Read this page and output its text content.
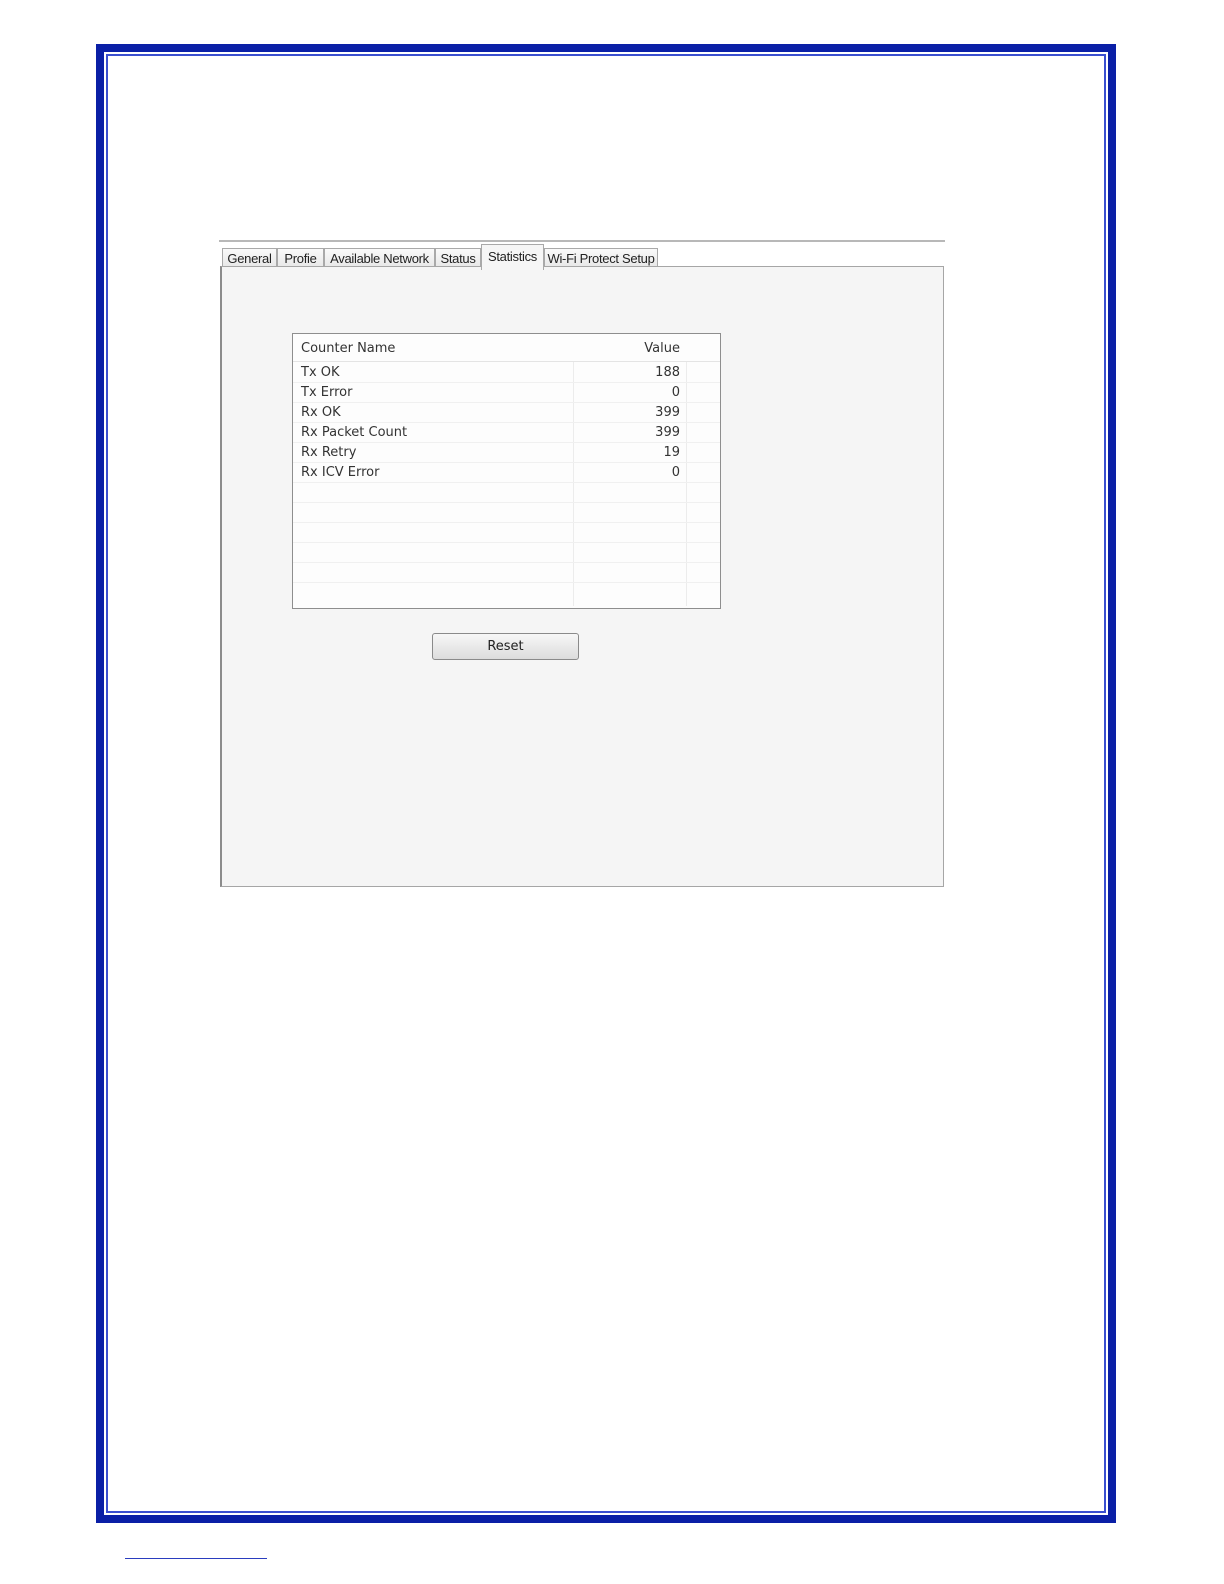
General Profie	Available Network Status Statistics Wi-Fi Protect Setup
Counter Name	Value
Tx OK	188
Tx Error	0
Rx OK	399
Rx Packet Count	399
Rx Retry	19
Rx ICV Error	0
Reset
